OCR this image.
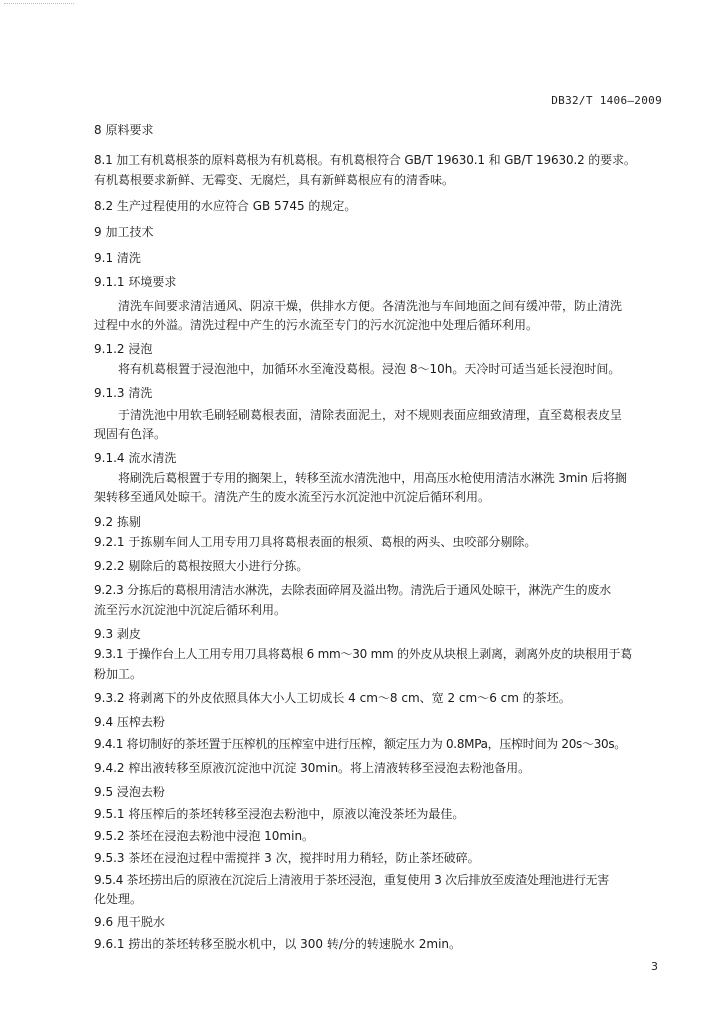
DB32/T 1406—2009
8 原料要求
8.1 加工有机葛根茶的原料葛根为有机葛根。有机葛根符合 GB/T 19630.1 和 GB/T 19630.2 的要求。
有机葛根要求新鲜、无霉变、无腐烂，具有新鲜葛根应有的清香味。
8.2 生产过程使用的水应符合 GB 5745 的规定。
9 加工技术
9.1 清洗
9.1.1 环境要求
清洗车间要求清洁通风、阴凉干燥，供排水方便。各清洗池与车间地面之间有缓冲带，防止清洗
过程中水的外溢。清洗过程中产生的污水流至专门的污水沉淀池中处理后循环利用。
9.1.2 浸泡
将有机葛根置于浸泡池中，加循环水至淹没葛根。浸泡 8～10h。天冷时可适当延长浸泡时间。
9.1.3 清洗
于清洗池中用软毛刷轻刷葛根表面，清除表面泥土，对不规则表面应细致清理，直至葛根表皮呈
现固有色泽。
9.1.4 流水清洗
将刷洗后葛根置于专用的搁架上，转移至流水清洗池中，用高压水枪使用清洁水淋洗 3min 后将搁
架转移至通风处晾干。清洗产生的废水流至污水沉淀池中沉淀后循环利用。
9.2 拣剔
9.2.1 于拣剔车间人工用专用刀具将葛根表面的根须、葛根的两头、虫咬部分剔除。
9.2.2 剔除后的葛根按照大小进行分拣。
9.2.3 分拣后的葛根用清洁水淋洗，去除表面碎屑及溢出物。清洗后于通风处晾干，淋洗产生的废水
流至污水沉淀池中沉淀后循环利用。
9.3 剥皮
9.3.1 于操作台上人工用专用刀具将葛根 6 mm～30 mm 的外皮从块根上剥离，剥离外皮的块根用于葛
粉加工。
9.3.2 将剥离下的外皮依照具体大小人工切成长 4 cm～8 cm、宽 2 cm～6 cm 的茶坯。
9.4 压榨去粉
9.4.1 将切制好的茶坯置于压榨机的压榨室中进行压榨，额定压力为 0.8MPa，压榨时间为 20s～30s。
9.4.2 榨出液转移至原液沉淀池中沉淀 30min。将上清液转移至浸泡去粉池备用。
9.5 浸泡去粉
9.5.1 将压榨后的茶坯转移至浸泡去粉池中，原液以淹没茶坯为最佳。
9.5.2 茶坯在浸泡去粉池中浸泡 10min。
9.5.3 茶坯在浸泡过程中需搅拌 3 次，搅拌时用力稍轻，防止茶坯破碎。
9.5.4 茶坯捞出后的原液在沉淀后上清液用于茶坯浸泡，重复使用 3 次后排放至废渣处理池进行无害
化处理。
9.6 甩干脱水
9.6.1 捞出的茶坯转移至脱水机中，以 300 转/分的转速脱水 2min。
3
